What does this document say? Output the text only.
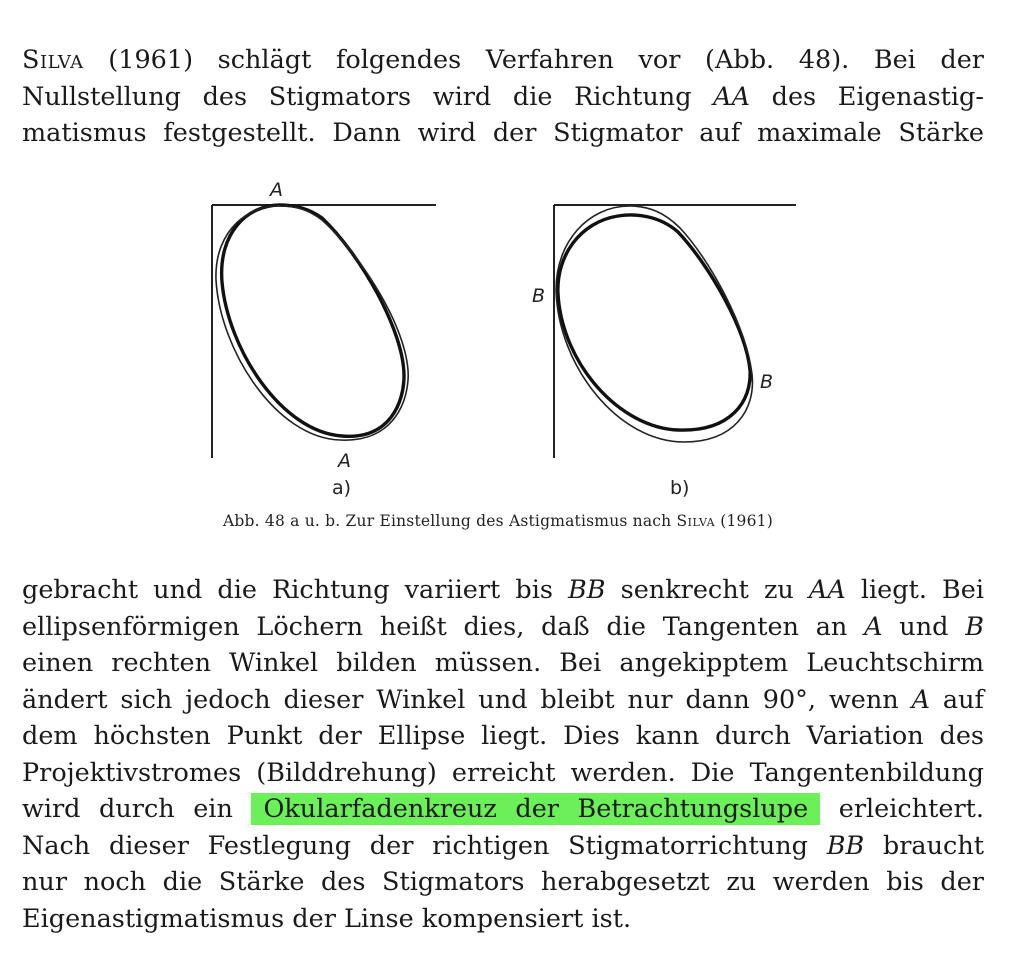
Silva (1961) schlägt folgendes Verfahren vor (Abb. 48). Bei der
Nullstellung des Stigmators wird die Richtung AA des Eigenastig-
matismus festgestellt. Dann wird der Stigmator auf maximale Stärke
A
A
a)
B
B
b)
Abb. 48 a u. b. Zur Einstellung des Astigmatismus nach Silva (1961)
gebracht und die Richtung variiert bis BB senkrecht zu AA liegt. Bei
ellipsenförmigen Löchern heißt dies, daß die Tangenten an A und B
einen rechten Winkel bilden müssen. Bei angekipptem Leuchtschirm
ändert sich jedoch dieser Winkel und bleibt nur dann 90°, wenn A auf
dem höchsten Punkt der Ellipse liegt. Dies kann durch Variation des
Projektivstromes (Bilddrehung) erreicht werden. Die Tangentenbildung
wird durch ein Okularfadenkreuz der Betrachtungslupe erleichtert.
Nach dieser Festlegung der richtigen Stigmatorrichtung BB braucht
nur noch die Stärke des Stigmators herabgesetzt zu werden bis der
Eigenastigmatismus der Linse kompensiert ist.
